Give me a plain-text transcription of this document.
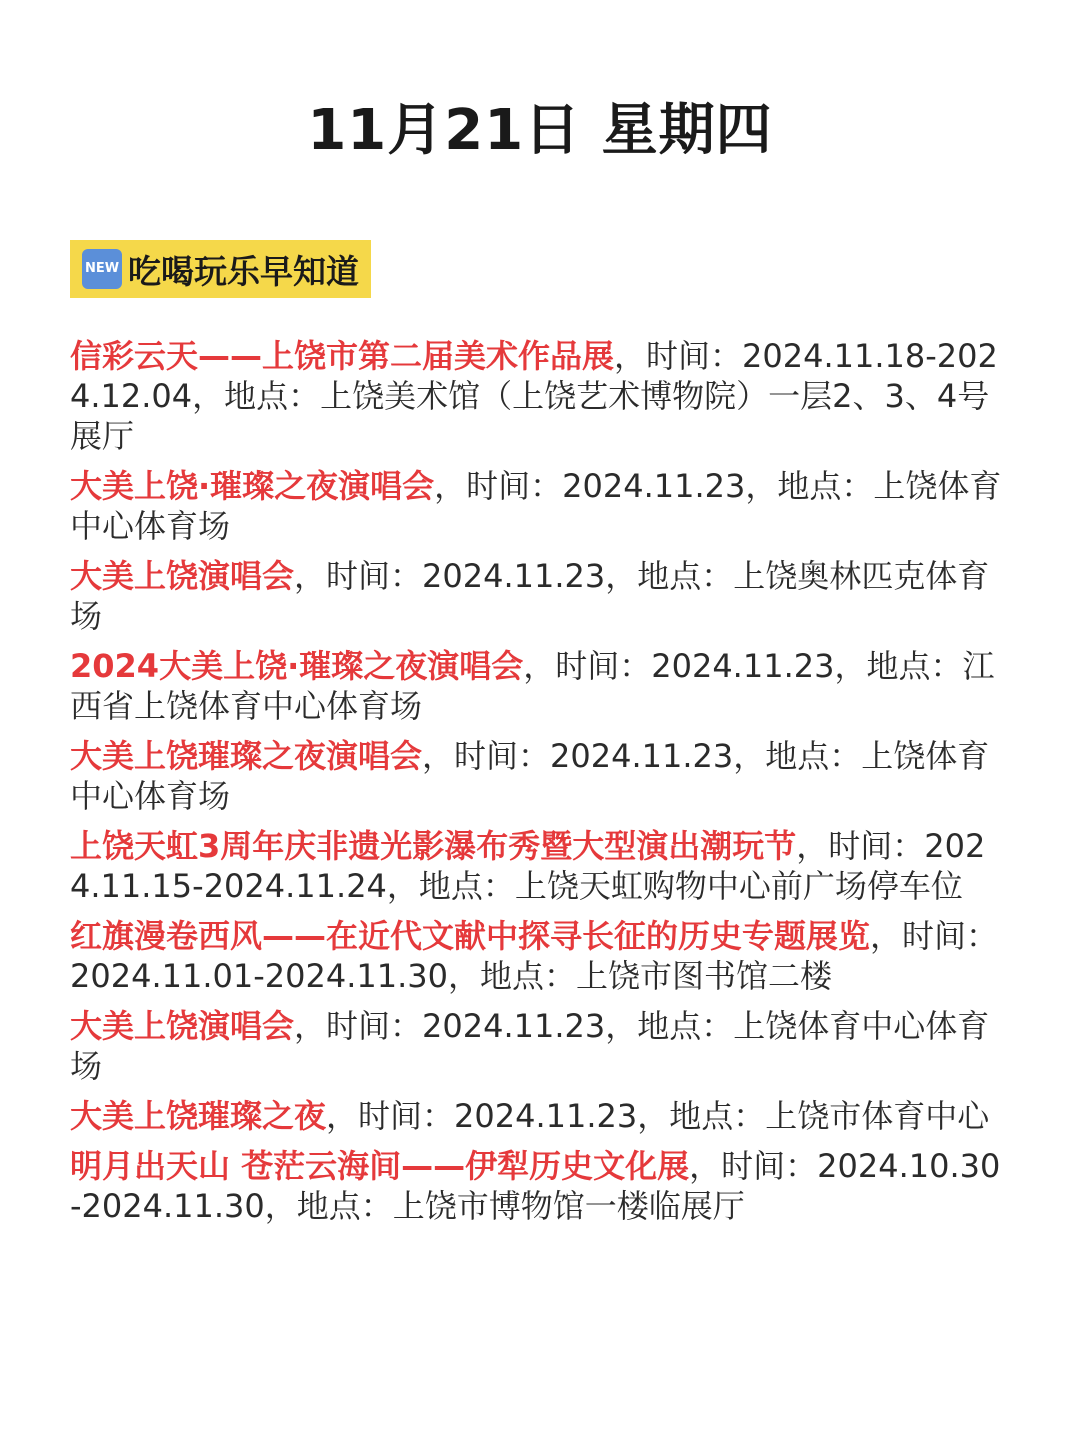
11月21日 星期四
NEW 吃喝玩乐早知道
信彩云天——上饶市第二届美术作品展，时间：2024.11.18-2024.12.04，地点：上饶美术馆（上饶艺术博物院）一层2、3、4号展厅
大美上饶·璀璨之夜演唱会，时间：2024.11.23，地点：上饶体育中心体育场
大美上饶演唱会，时间：2024.11.23，地点：上饶奥林匹克体育场
2024大美上饶·璀璨之夜演唱会，时间：2024.11.23，地点：江西省上饶体育中心体育场
大美上饶璀璨之夜演唱会，时间：2024.11.23，地点：上饶体育中心体育场
上饶天虹3周年庆非遗光影瀑布秀暨大型演出潮玩节，时间：2024.11.15-2024.11.24，地点：上饶天虹购物中心前广场停车位
红旗漫卷西风——在近代文献中探寻长征的历史专题展览，时间：2024.11.01-2024.11.30，地点：上饶市图书馆二楼
大美上饶演唱会，时间：2024.11.23，地点：上饶体育中心体育场
大美上饶璀璨之夜，时间：2024.11.23，地点：上饶市体育中心
明月出天山 苍茫云海间——伊犁历史文化展，时间：2024.10.30-2024.11.30，地点：上饶市博物馆一楼临展厅
